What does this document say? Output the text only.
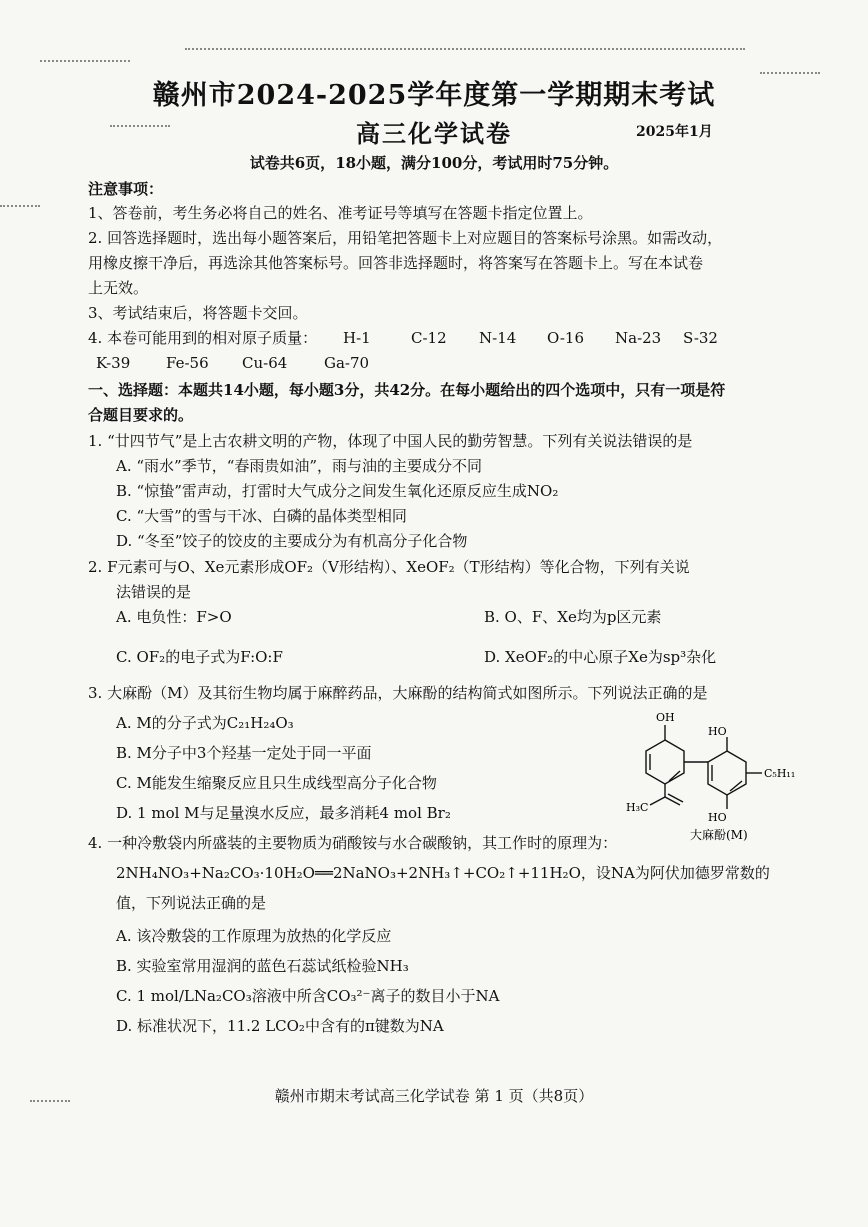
赣州市2024-2025学年度第一学期期末考试
高三化学试卷	2025年1月
试卷共6页，18小题，满分100分，考试用时75分钟。
注意事项：
1、答卷前，考生务必将自己的姓名、准考证号等填写在答题卡指定位置上。
2. 回答选择题时，选出每小题答案后，用铅笔把答题卡上对应题目的答案标号涂黑。如需改动，
用橡皮擦干净后，再选涂其他答案标号。回答非选择题时，将答案写在答题卡上。写在本试卷
上无效。
3、考试结束后，将答题卡交回。
4. 本卷可能用到的相对原子质量： H-1	C-12 N-14 O-16 Na-23 S-32
K-39 Fe-56 Cu-64 Ga-70
一、选择题：本题共14小题，每小题3分，共42分。在每小题给出的四个选项中，只有一项是符
合题目要求的。
1. “廿四节气”是上古农耕文明的产物，体现了中国人民的勤劳智慧。下列有关说法错误的是
A. “雨水”季节，“春雨贵如油”，雨与油的主要成分不同
B. “惊蛰”雷声动，打雷时大气成分之间发生氧化还原反应生成NO₂
C. “大雪”的雪与干冰、白磷的晶体类型相同
D. “冬至”饺子的饺皮的主要成分为有机高分子化合物
2. F元素可与O、Xe元素形成OF₂（V形结构）、XeOF₂（T形结构）等化合物，下列有关说
法错误的是
A. 电负性：F>O	B. O、F、Xe均为p区元素
C. OF₂的电子式为F:O:F	D. XeOF₂的中心原子Xe为sp³杂化
3. 大麻酚（M）及其衍生物均属于麻醉药品，大麻酚的结构简式如图所示。下列说法正确的是
A. M的分子式为C₂₁H₂₄O₃
B. M分子中3个羟基一定处于同一平面
C. M能发生缩聚反应且只生成线型高分子化合物
D. 1 mol M与足量溴水反应，最多消耗4 mol Br₂
OH
HO
HO
C₅H₁₁
H₃C
大麻酚(M)
4. 一种冷敷袋内所盛装的主要物质为硝酸铵与水合碳酸钠，其工作时的原理为：
2NH₄NO₃+Na₂CO₃·10H₂O══2NaNO₃+2NH₃↑+CO₂↑+11H₂O，设NA为阿伏加德罗常数的
值，下列说法正确的是
A. 该冷敷袋的工作原理为放热的化学反应
B. 实验室常用湿润的蓝色石蕊试纸检验NH₃
C. 1 mol/LNa₂CO₃溶液中所含CO₃²⁻离子的数目小于NA
D. 标准状况下，11.2 LCO₂中含有的π键数为NA
赣州市期末考试高三化学试卷 第 1 页（共8页）
